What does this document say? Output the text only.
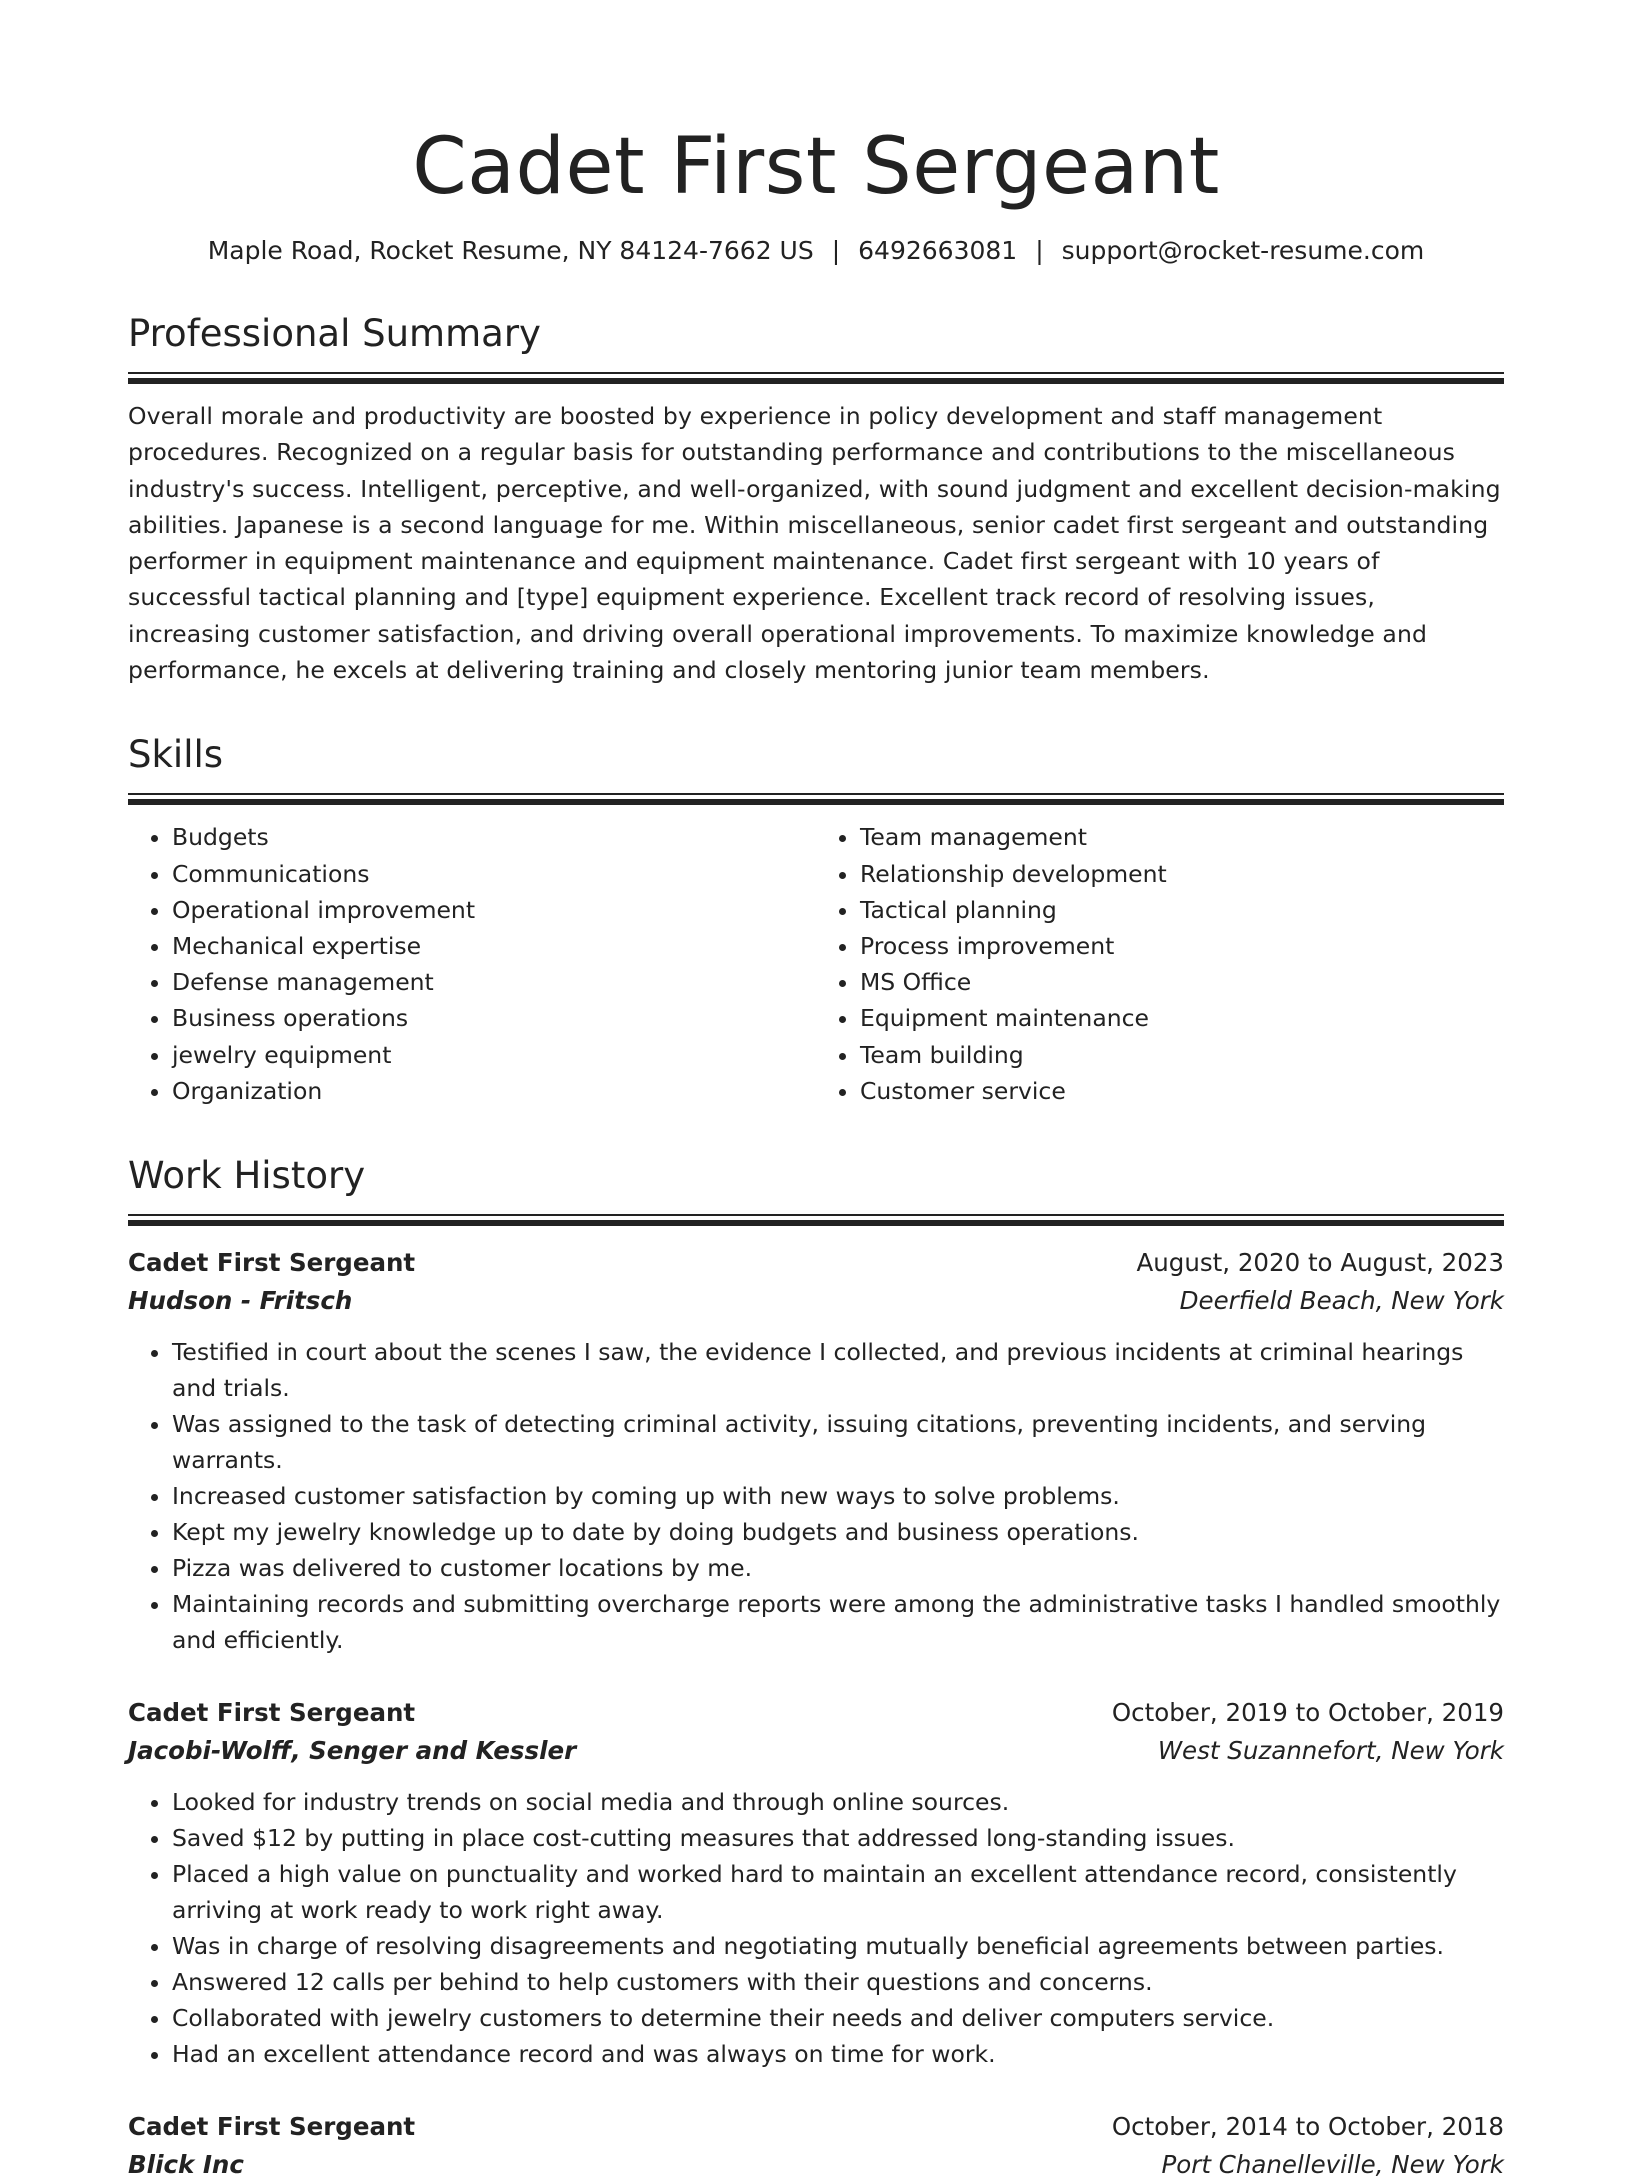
Cadet First Sergeant
Maple Road, Rocket Resume, NY 84124-7662 US | 6492663081 | support@rocket-resume.com
Professional Summary

Overall morale and productivity are boosted by experience in policy development and staff management procedures. Recognized on a regular basis for outstanding performance and contributions to the miscellaneous industry's success. Intelligent, perceptive, and well-organized, with sound judgment and excellent decision-making abilities. Japanese is a second language for me. Within miscellaneous, senior cadet first sergeant and outstanding performer in equipment maintenance and equipment maintenance. Cadet first sergeant with 10 years of successful tactical planning and [type] equipment experience. Excellent track record of resolving issues, increasing customer satisfaction, and driving overall operational improvements. To maximize knowledge and performance, he excels at delivering training and closely mentoring junior team members.

Skills
• Budgets
• Communications
• Operational improvement
• Mechanical expertise
• Defense management
• Business operations
• jewelry equipment
• Organization
• Team management
• Relationship development
• Tactical planning
• Process improvement
• MS Office
• Equipment maintenance
• Team building
• Customer service
Work History
Cadet First Sergeant	August, 2020 to August, 2023
Hudson - Fritsch	Deerfield Beach, New York
• Testified in court about the scenes I saw, the evidence I collected, and previous incidents at criminal hearings and trials.
• Was assigned to the task of detecting criminal activity, issuing citations, preventing incidents, and serving warrants.
• Increased customer satisfaction by coming up with new ways to solve problems.
• Kept my jewelry knowledge up to date by doing budgets and business operations.
• Pizza was delivered to customer locations by me.
• Maintaining records and submitting overcharge reports were among the administrative tasks I handled smoothly and efficiently.
Cadet First Sergeant	October, 2019 to October, 2019
Jacobi-Wolff, Senger and Kessler	West Suzannefort, New York
• Looked for industry trends on social media and through online sources.
• Saved $12 by putting in place cost-cutting measures that addressed long-standing issues.
• Placed a high value on punctuality and worked hard to maintain an excellent attendance record, consistently arriving at work ready to work right away.
• Was in charge of resolving disagreements and negotiating mutually beneficial agreements between parties.
• Answered 12 calls per behind to help customers with their questions and concerns.
• Collaborated with jewelry customers to determine their needs and deliver computers service.
• Had an excellent attendance record and was always on time for work.
Cadet First Sergeant	October, 2014 to October, 2018
Blick Inc	Port Chanelleville, New York
